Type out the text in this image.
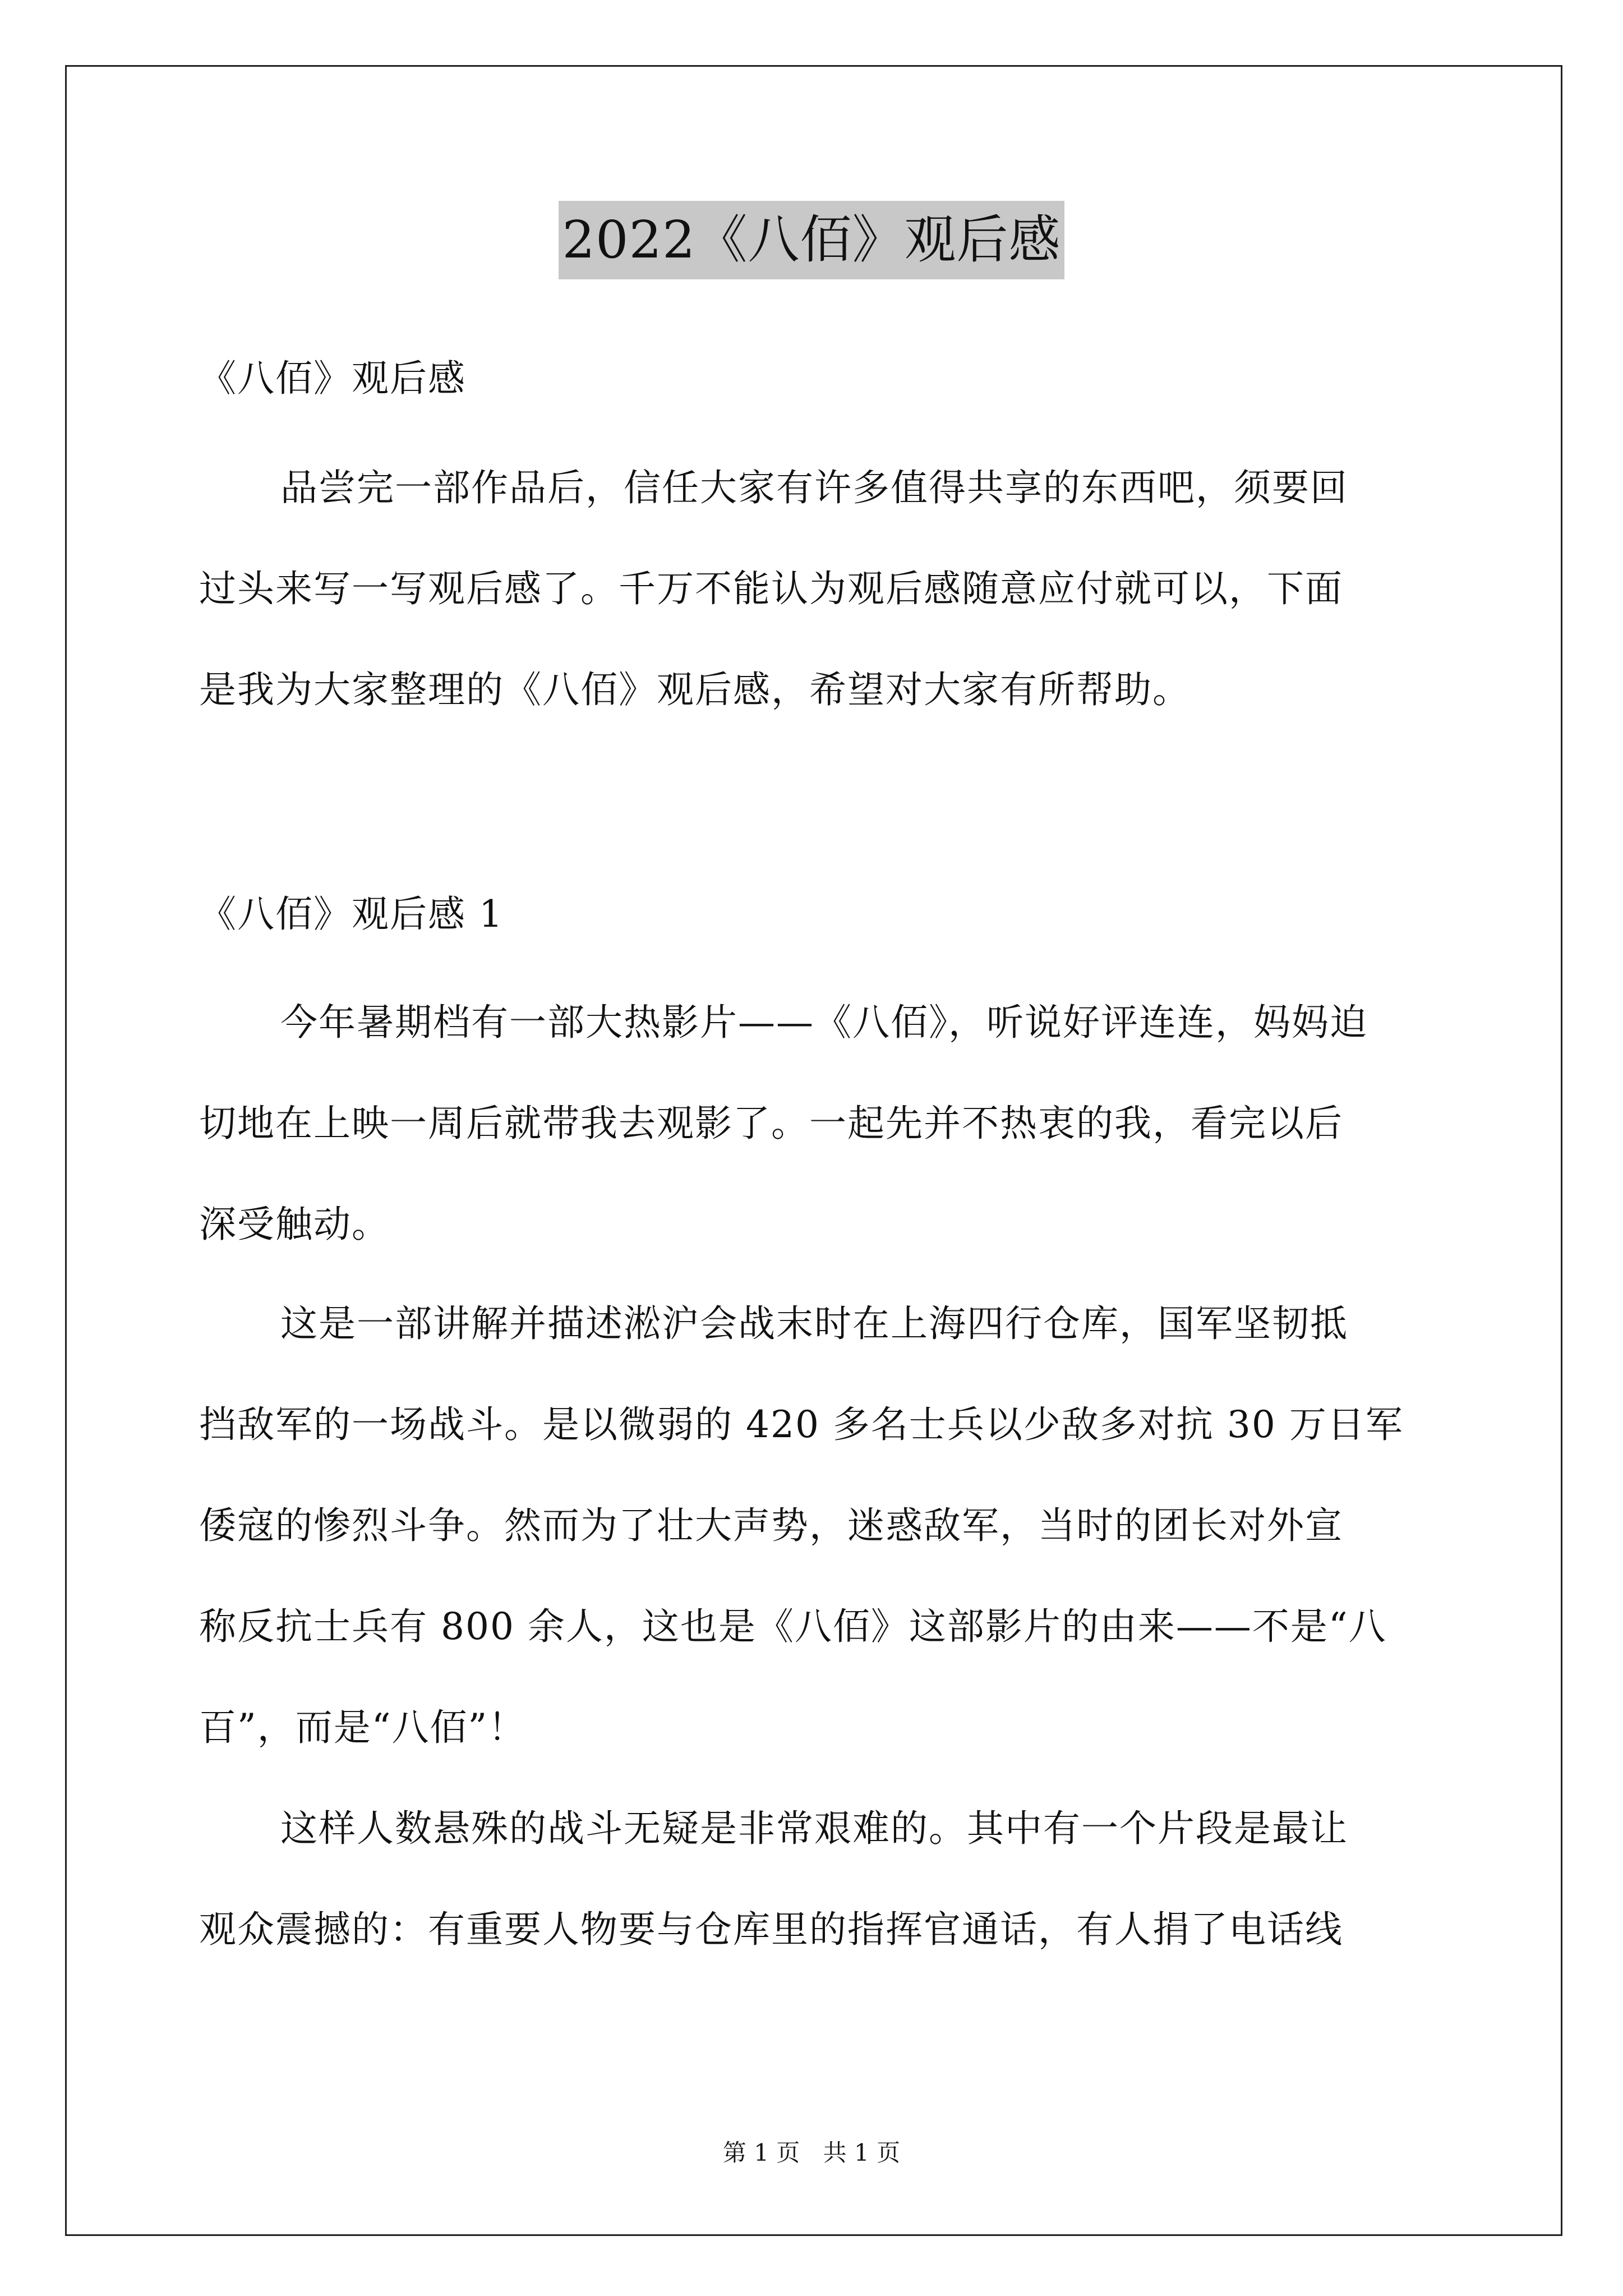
2022《八佰》观后感

《八佰》观后感

品尝完一部作品后，信任大家有许多值得共享的东西吧，须要回
过头来写一写观后感了。千万不能认为观后感随意应付就可以，下面
是我为大家整理的《八佰》观后感，希望对大家有所帮助。

《八佰》观后感 1

今年暑期档有一部大热影片——《八佰》，听说好评连连，妈妈迫
切地在上映一周后就带我去观影了。一起先并不热衷的我，看完以后
深受触动。

这是一部讲解并描述淞沪会战末时在上海四行仓库，国军坚韧抵
挡敌军的一场战斗。是以微弱的 420 多名士兵以少敌多对抗 30 万日军
倭寇的惨烈斗争。然而为了壮大声势，迷惑敌军，当时的团长对外宣
称反抗士兵有 800 余人，这也是《八佰》这部影片的由来——不是“八
百”，而是“八佰”！

这样人数悬殊的战斗无疑是非常艰难的。其中有一个片段是最让
观众震撼的：有重要人物要与仓库里的指挥官通话，有人捐了电话线

第 1 页 共 1 页
